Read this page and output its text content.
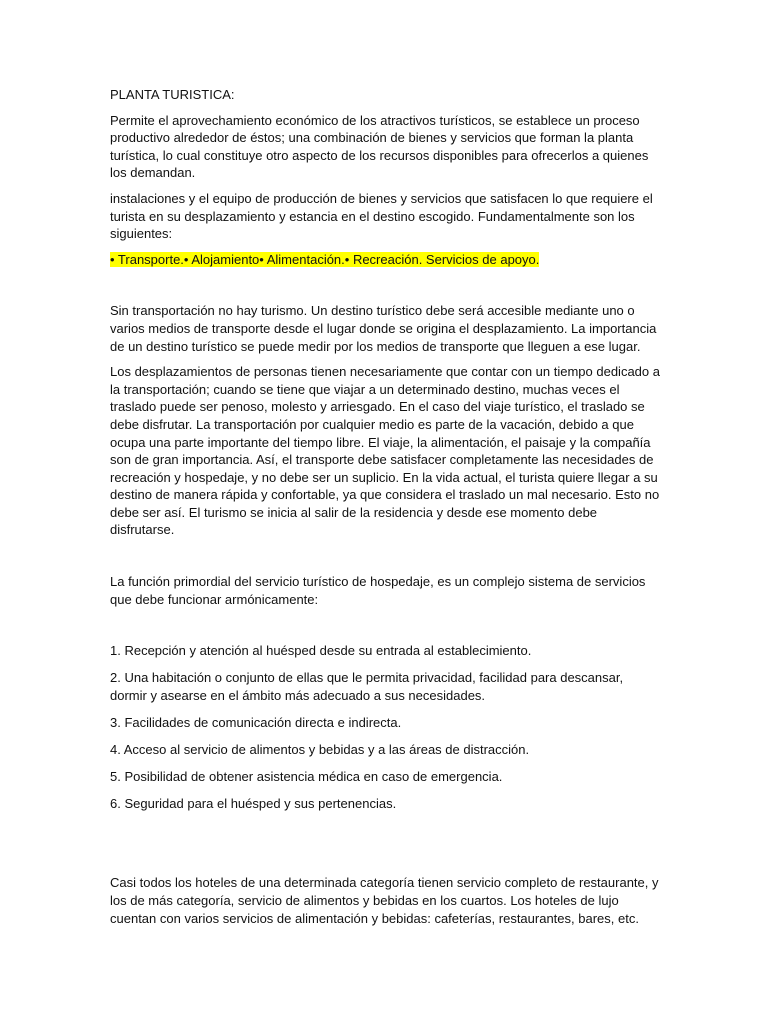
PLANTA TURISTICA:

Permite el aprovechamiento económico de los atractivos turísticos, se establece un proceso productivo alrededor de éstos; una combinación de bienes y servicios que forman la planta turística, lo cual constituye otro aspecto de los recursos disponibles para ofrecerlos a quienes los demandan.

instalaciones y el equipo de producción de bienes y servicios que satisfacen lo que requiere el turista en su desplazamiento y estancia en el destino escogido. Fundamentalmente son los siguientes:

• Transporte.• Alojamiento• Alimentación.• Recreación. Servicios de apoyo.

Sin transportación no hay turismo. Un destino turístico debe será accesible mediante uno o varios medios de transporte desde el lugar donde se origina el desplazamiento. La importancia de un destino turístico se puede medir por los medios de transporte que lleguen a ese lugar.

Los desplazamientos de personas tienen necesariamente que contar con un tiempo dedicado a la transportación; cuando se tiene que viajar a un determinado destino, muchas veces el traslado puede ser penoso, molesto y arriesgado. En el caso del viaje turístico, el traslado se debe disfrutar. La transportación por cualquier medio es parte de la vacación, debido a que ocupa una parte importante del tiempo libre. El viaje, la alimentación, el paisaje y la compañía son de gran importancia. Así, el transporte debe satisfacer completamente las necesidades de recreación y hospedaje, y no debe ser un suplicio. En la vida actual, el turista quiere llegar a su destino de manera rápida y confortable, ya que considera el traslado un mal necesario. Esto no debe ser así. El turismo se inicia al salir de la residencia y desde ese momento debe disfrutarse.

La función primordial del servicio turístico de hospedaje, es un complejo sistema de servicios que debe funcionar armónicamente:

1. Recepción y atención al huésped desde su entrada al establecimiento.

2. Una habitación o conjunto de ellas que le permita privacidad, facilidad para descansar, dormir y asearse en el ámbito más adecuado a sus necesidades.

3. Facilidades de comunicación directa e indirecta.

4. Acceso al servicio de alimentos y bebidas y a las áreas de distracción.

5. Posibilidad de obtener asistencia médica en caso de emergencia.

6. Seguridad para el huésped y sus pertenencias.

Casi todos los hoteles de una determinada categoría tienen servicio completo de restaurante, y los de más categoría, servicio de alimentos y bebidas en los cuartos. Los hoteles de lujo cuentan con varios servicios de alimentación y bebidas: cafeterías, restaurantes, bares, etc.
